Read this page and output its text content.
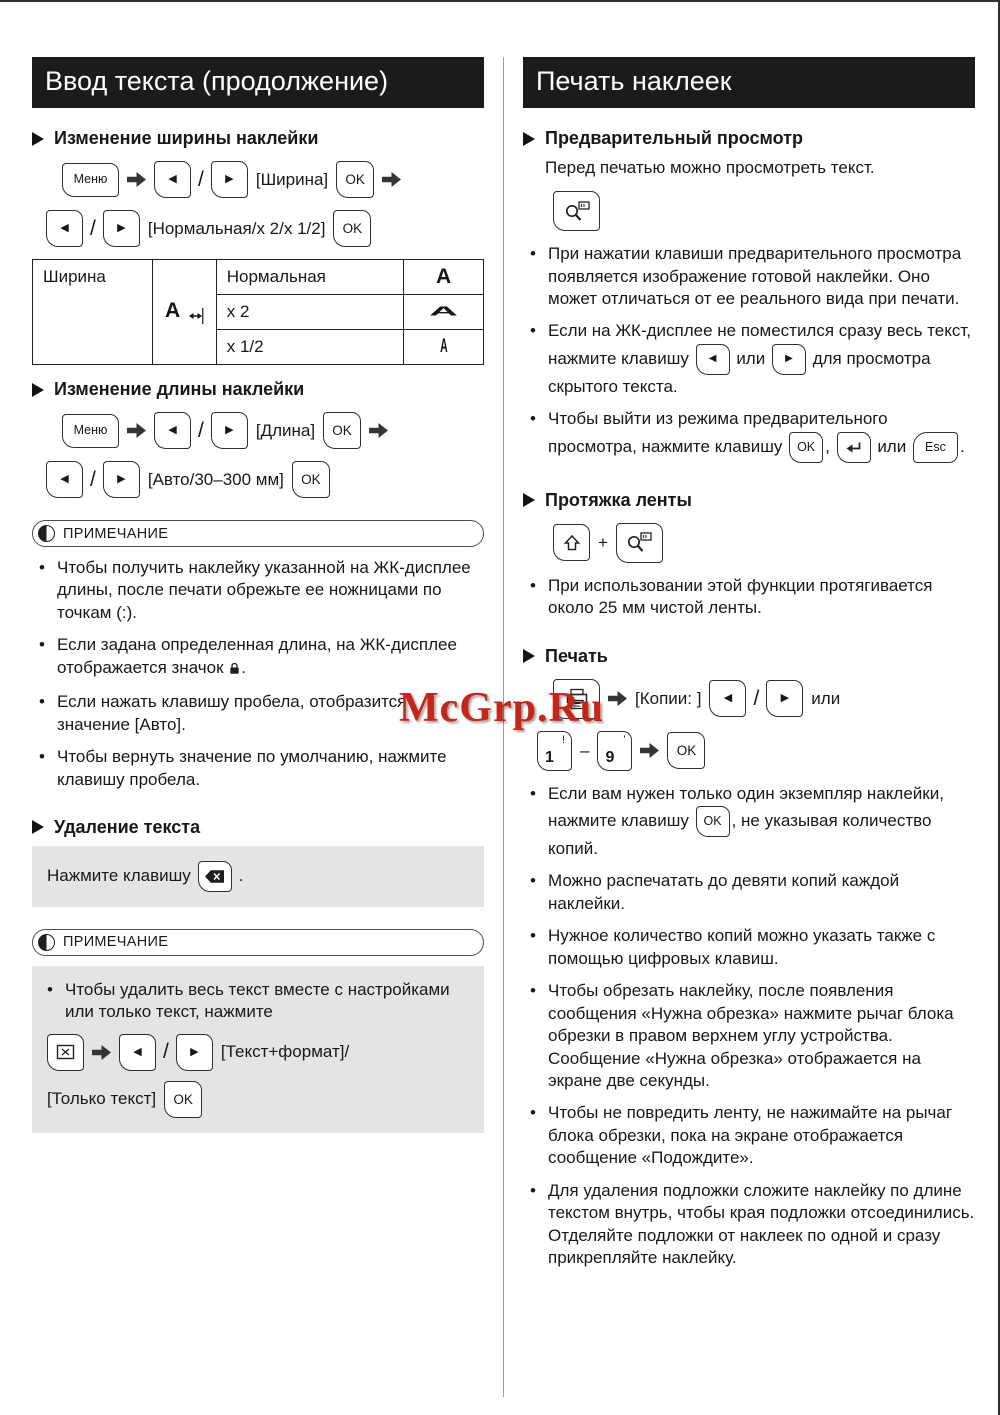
McGrp.Ru
Ввод текста (продолжение)
Изменение ширины наклейки
Меню	◀ / ▶ [Ширина] OK
◀ / ▶ [Нормальная/x 2/x 1/2] OK
Ширина	A	Нормальная	A
		x 2	A
		x 1/2	A
Изменение длины наклейки
Меню	◀ / ▶ [Длина] OK
◀ / ▶ [Авто/30–300 мм] OK
ПРИМЕЧАНИЕ
•
Чтобы получить наклейку указанной на ЖК-дисплее длины, после печати обрежьте ее ножницами по точкам (:).
•
Если задана определенная длина, на ЖК-дисплее отображается значок .
•
Если нажать клавишу пробела, отобразится значение [Авто].
•
Чтобы вернуть значение по умолчанию, нажмите клавишу пробела.
Удаление текста
Нажмите клавишу	.
ПРИМЕЧАНИЕ
•
Чтобы удалить весь текст вместе с настройками или только текст, нажмите
◀ / ▶ [Текст+формат]/
[Только текст] OK
Печать наклеек
Предварительный просмотр

Перед печатью можно просмотреть текст.

•
При нажатии клавиши предварительного просмотра появляется изображение готовой наклейки. Оно может отличаться от ее реального вида при печати.
•
Если на ЖК-дисплее не поместился сразу весь текст, нажмите клавишу ◀ или ▶ для просмотра скрытого текста.
•
Чтобы выйти из режима предварительного просмотра, нажмите клавишу OK ,	или Esc .
Протяжка ленты
+
•
При использовании этой функции протягивается около 25 мм чистой ленты.
Печать
[Копии: ] ◀ / ▶ или
1
!
– 9
'
OK
•
Если вам нужен только один экземпляр наклейки, нажмите клавишу OK , не указывая количество копий.
•
Можно распечатать до девяти копий каждой наклейки.
•
Нужное количество копий можно указать также с помощью цифровых клавиш.
•
Чтобы обрезать наклейку, после появления сообщения «Нужна обрезка» нажмите рычаг блока обрезки в правом верхнем углу устройства. Сообщение «Нужна обрезка» отображается на экране две секунды.
•
Чтобы не повредить ленту, не нажимайте на рычаг блока обрезки, пока на экране отображается сообщение «Подождите».
•
Для удаления подложки сложите наклейку по длине текстом внутрь, чтобы края подложки отсоединились. Отделяйте подложки от наклеек по одной и сразу прикрепляйте наклейку.
